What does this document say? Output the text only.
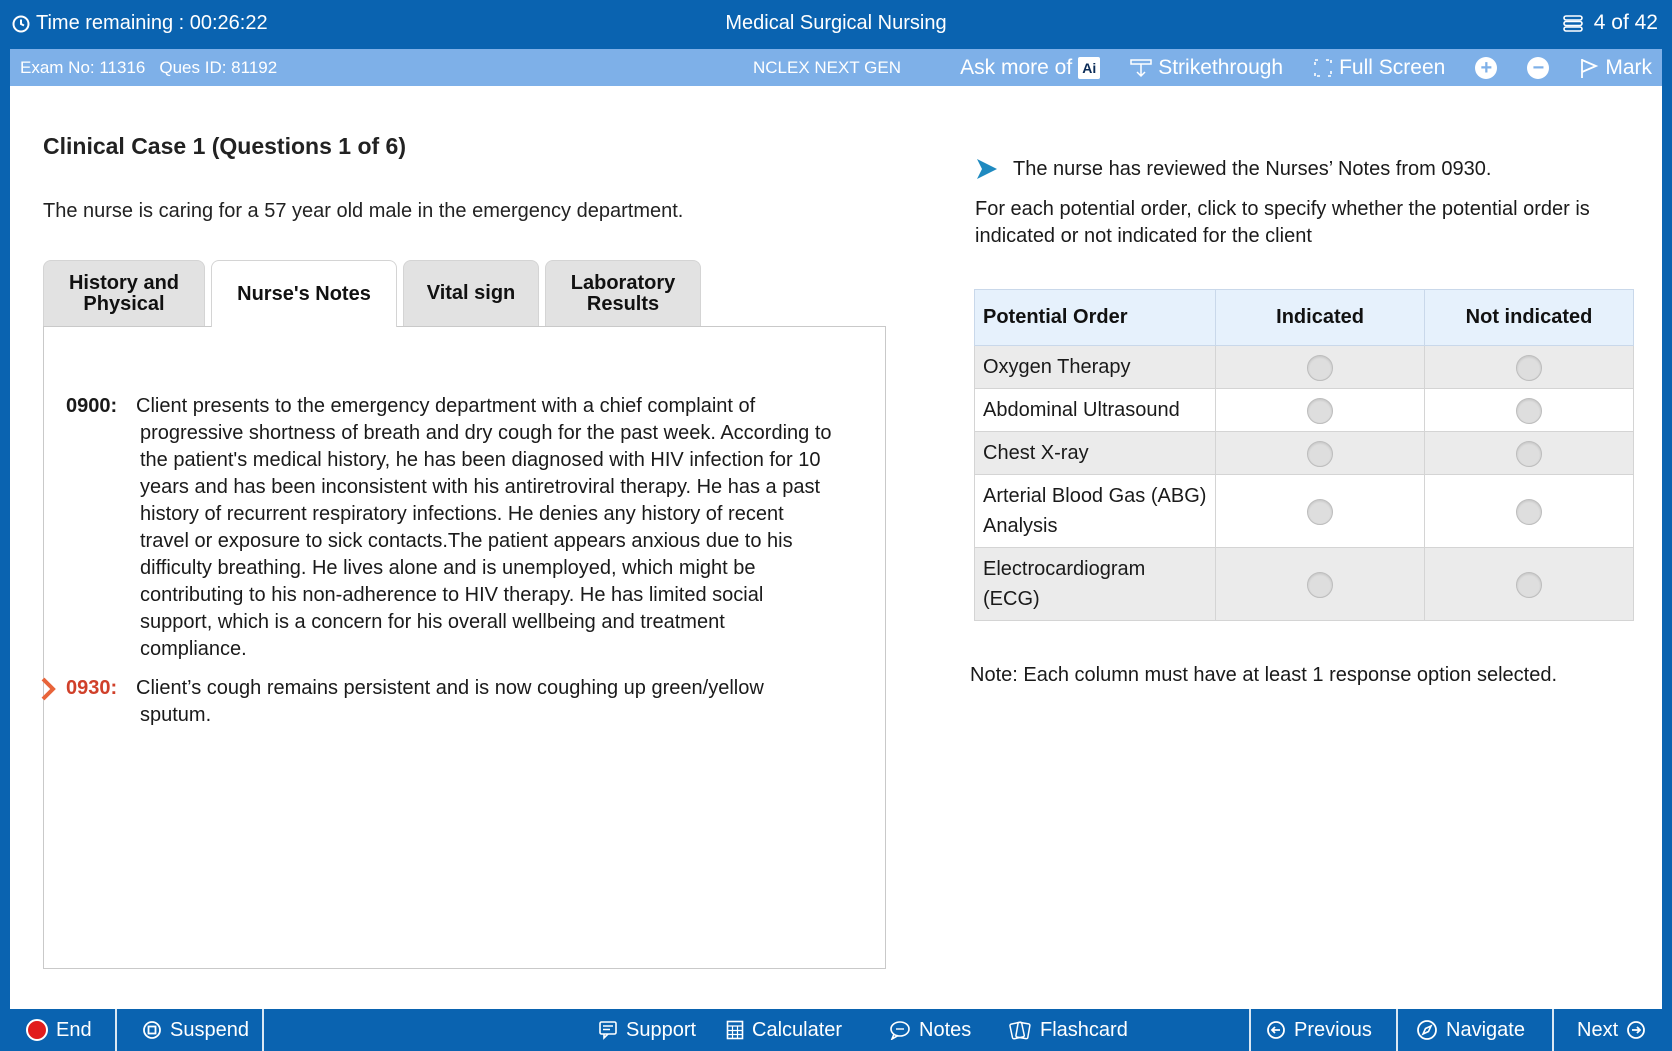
Time remaining : 00:26:22	Medical Surgical Nursing	4 of 42
Exam No: 11316 Ques ID: 81192	NCLEX NEXT GEN	Ask more of Ai	Strikethrough	Full Screen + −	Mark
Clinical Case 1 (Questions 1 of 6)
The nurse is caring for a 57 year old male in the emergency department.
History and
Physical	Nurse's Notes	Vital sign	Laboratory
Results
0900: Client presents to the emergency department with a chief complaint of progressive shortness of breath and dry cough for the past week. According to the patient's medical history, he has been diagnosed with HIV infection for 10 years and has been inconsistent with his antiretroviral therapy. He has a past history of recurrent respiratory infections. He denies any history of recent travel or exposure to sick contacts.The patient appears anxious due to his difficulty breathing. He lives alone and is unemployed, which might be contributing to his non-adherence to HIV therapy. He has limited social support, which is a concern for his overall wellbeing and treatment compliance.
0930: Client’s cough remains persistent and is now coughing up green/yellow sputum.
The nurse has reviewed the Nurses’ Notes from 0930.
For each potential order, click to specify whether the potential order is indicated or not indicated for the client
Potential Order	Indicated	Not indicated
Oxygen Therapy		
Abdominal Ultrasound		
Chest X-ray		
Arterial Blood Gas (ABG) Analysis		
Electrocardiogram (ECG)		
Note: Each column must have at least 1 response option selected.
End	Suspend	Support	Calculater	Notes	Flashcard	Previous	Navigate	Next
